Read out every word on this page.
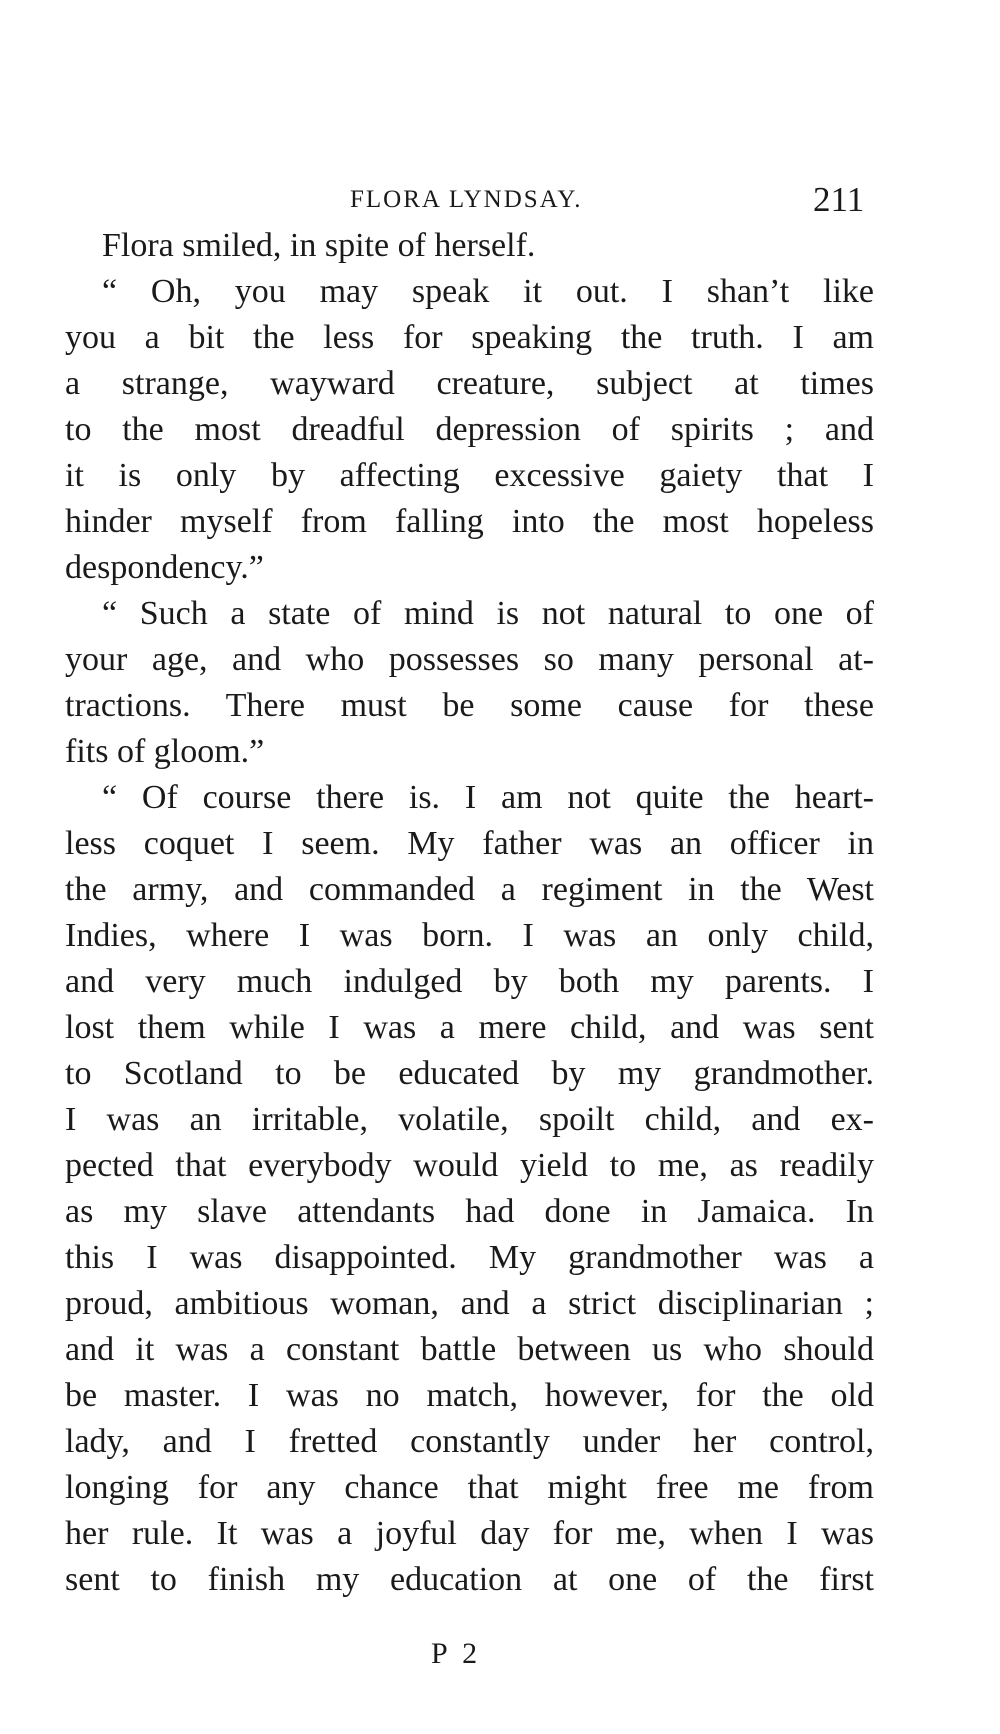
FLORA LYNDSAY.	211
Flora smiled, in spite of herself.
“ Oh, you may speak it out. I shan’t like
you a bit the less for speaking the truth. I am
a strange, wayward creature, subject at times
to the most dreadful depression of spirits ; and
it is only by affecting excessive gaiety that I
hinder myself from falling into the most hopeless
despondency.”
“ Such a state of mind is not natural to one of
your age, and who possesses so many personal at-
tractions. There must be some cause for these
fits of gloom.”
“ Of course there is. I am not quite the heart-
less coquet I seem. My father was an officer in
the army, and commanded a regiment in the West
Indies, where I was born. I was an only child,
and very much indulged by both my parents. I
lost them while I was a mere child, and was sent
to Scotland to be educated by my grandmother.
I was an irritable, volatile, spoilt child, and ex-
pected that everybody would yield to me, as readily
as my slave attendants had done in Jamaica. In
this I was disappointed. My grandmother was a
proud, ambitious woman, and a strict disciplinarian ;
and it was a constant battle between us who should
be master. I was no match, however, for the old
lady, and I fretted constantly under her control,
longing for any chance that might free me from
her rule. It was a joyful day for me, when I was
sent to finish my education at one of the first
P 2
